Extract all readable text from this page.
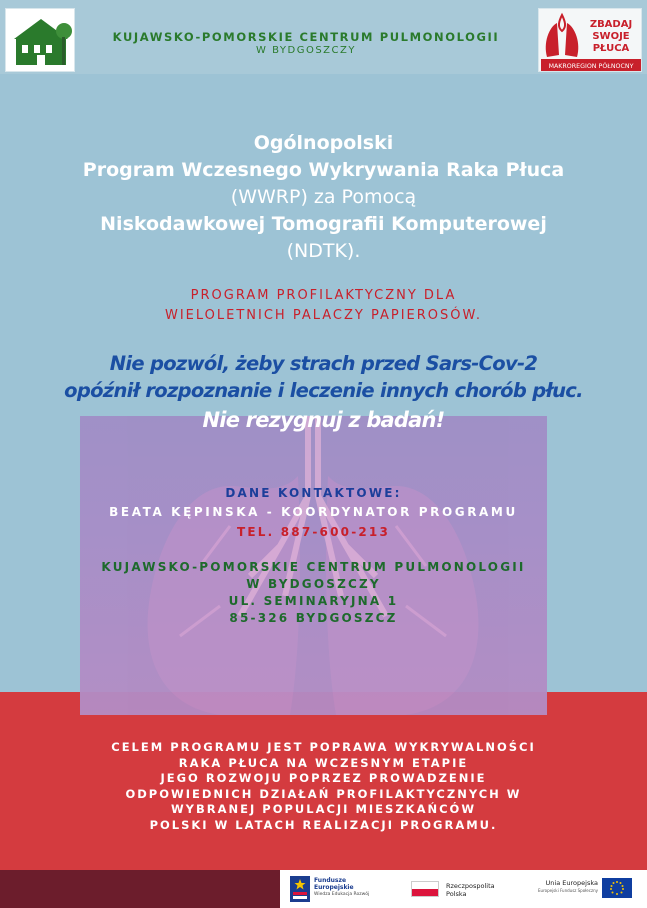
KUJAWSKO-POMORSKIE CENTRUM PULMONOLOGII
W BYDGOSZCZY
ZBADAJ
SWOJE
PŁUCA
MAKROREGION PÓŁNOCNY
Ogólnopolski
Program Wczesnego Wykrywania Raka Płuca
(WWRP) za Pomocą
Niskodawkowej Tomografii Komputerowej
(NDTK).
PROGRAM PROFILAKTYCZNY DLA
WIELOLETNICH PALACZY PAPIEROSÓW.
Nie pozwól, żeby strach przed Sars-Cov-2
opóźnił rozpoznanie i leczenie innych chorób płuc.
Nie rezygnuj z badań!
DANE KONTAKTOWE:
BEATA KĘPINSKA - KOORDYNATOR PROGRAMU
TEL. 887-600-213
KUJAWSKO-POMORSKIE CENTRUM PULMONOLOGII
W BYDGOSZCZY
UL. SEMINARYJNA 1
85-326 BYDGOSZCZ
CELEM PROGRAMU JEST POPRAWA WYKRYWALNOŚCI
RAKA PŁUCA NA WCZESNYM ETAPIE
JEGO ROZWOJU POPRZEZ PROWADZENIE
ODPOWIEDNICH DZIAŁAŃ PROFILAKTYCZNYCH W
WYBRANEJ POPULACJI MIESZKAŃCÓW
POLSKI W LATACH REALIZACJI PROGRAMU.
Fundusze
Europejskie
Wiedza Edukacja Rozwój
Rzeczpospolita
Polska
Unia Europejska
Europejski Fundusz Społeczny
